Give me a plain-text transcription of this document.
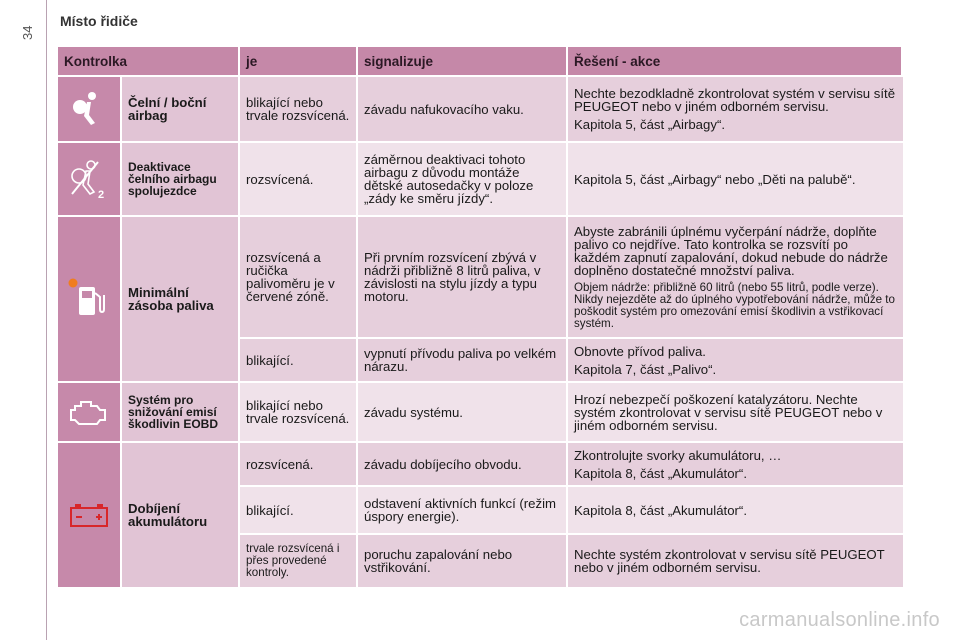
Místo řidiče
34
Kontrolka		je	signalizuje	Řešení - akce

	Čelní / boční airbag	blikající nebo trvale rozsvícená.	závadu nafukovacího vaku.	Nechte bezodkladně zkontrolovat systém v servisu sítě PEUGEOT nebo v jiném odborném servisu.

Kapitola 5, část „Airbagy“.

2	Deaktivace čelního airbagu spolujezdce	rozsvícená.	záměrnou deaktivaci tohoto airbagu z důvodu montáže dětské autosedačky v poloze „zády ke směru jízdy“.	Kapitola 5, část „Airbagy“ nebo „Děti na palubě“.

	Minimální zásoba paliva	rozsvícená a ručička palivoměru je v červené zóně.	Při prvním rozsvícení zbývá v nádrži přibližně 8 litrů paliva, v závislosti na stylu jízdy a typu motoru.	Abyste zabránili úplnému vyčerpání nádrže, doplňte palivo co nejdříve. Tato kontrolka se rozsvítí po každém zapnutí zapalování, dokud nebude do nádrže doplněno dostatečné množství paliva.

Objem nádrže: přibližně 60 litrů (nebo 55 litrů, podle verze). Nikdy nejezděte až do úplného vypotřebování nádrže, může to poškodit systém pro omezování emisí škodlivin a vstřikovací systém.

		blikající.	vypnutí přívodu paliva po velkém nárazu.	Obnovte přívod paliva.

Kapitola 7, část „Palivo“.

	Systém pro snižování emisí škodlivin EOBD	blikající nebo trvale rozsvícená.	závadu systému.	Hrozí nebezpečí poškození katalyzátoru. Nechte systém zkontrolovat v servisu sítě PEUGEOT nebo v jiném odborném servisu.

	Dobíjení akumulátoru	rozsvícená.	závadu dobíjecího obvodu.	Zkontrolujte svorky akumulátoru, …

Kapitola 8, část „Akumulátor“.

		blikající.	odstavení aktivních funkcí (režim úspory energie).	Kapitola 8, část „Akumulátor“.

		trvale rozsvícená i přes provedené kontroly.	poruchu zapalování nebo vstřikování.	Nechte systém zkontrolovat v servisu sítě PEUGEOT nebo v jiném odborném servisu.

carmanualsonline.info
